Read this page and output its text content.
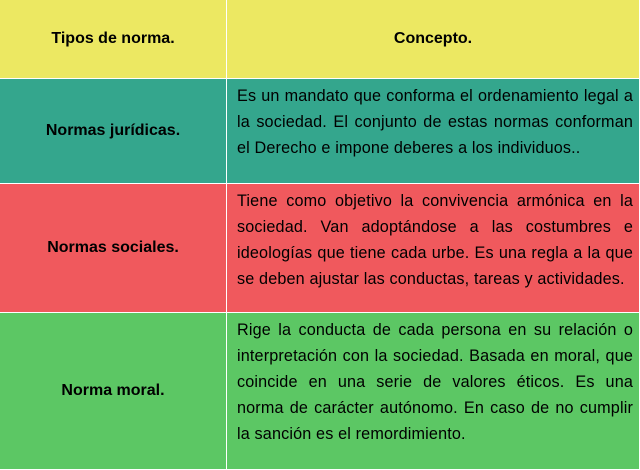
Tipos de norma.	Concepto.
Normas jurídicas.
Es un mandato que conforma el ordenamiento legal a la sociedad. El conjunto de estas normas conforman el Derecho e impone deberes a los individuos..
Normas sociales.
Tiene como objetivo la convivencia armónica en la sociedad. Van adoptándose a las costumbres e ideologías que tiene cada urbe. Es una regla a la que se deben ajustar las conductas, tareas y actividades.
Norma moral.
Rige la conducta de cada persona en su relación o interpretación con la sociedad. Basada en moral, que coincide en una serie de valores éticos. Es una norma de carácter autónomo. En caso de no cumplir la sanción es el remordimiento.
